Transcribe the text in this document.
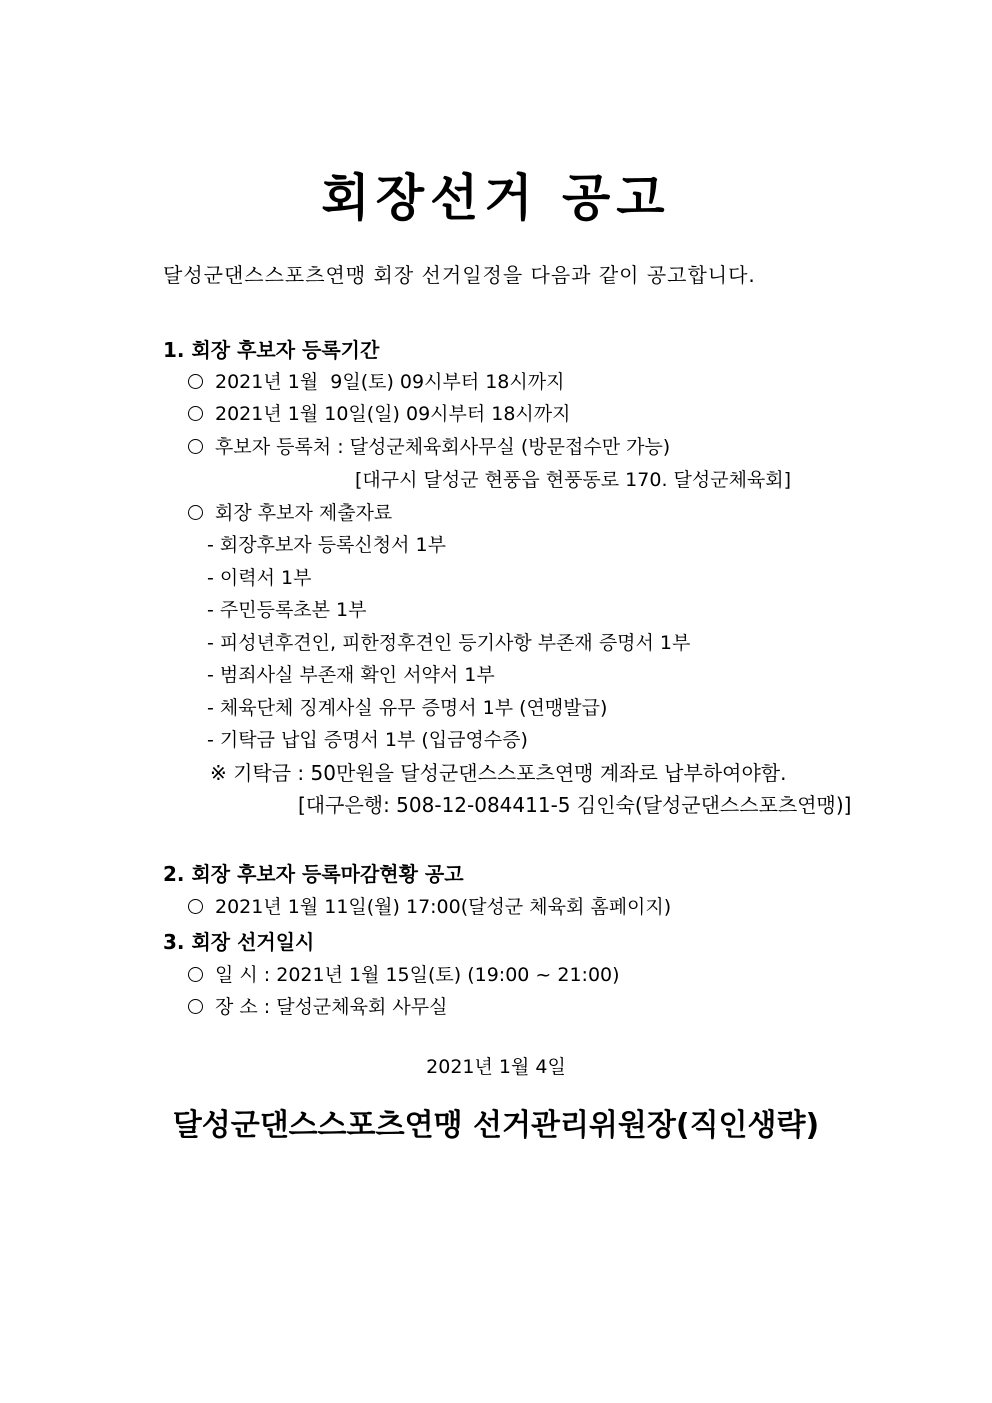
회장선거 공고
달성군댄스스포츠연맹 회장 선거일정을 다음과 같이 공고합니다.
1. 회장 후보자 등록기간
2021년 1월  9일(토) 09시부터 18시까지
2021년 1월 10일(일) 09시부터 18시까지
후보자 등록처 : 달성군체육회사무실 (방문접수만 가능)
[대구시 달성군 현풍읍 현풍동로 170. 달성군체육회]
회장 후보자 제출자료
- 회장후보자 등록신청서 1부
- 이력서 1부
- 주민등록초본 1부
- 피성년후견인, 피한정후견인 등기사항 부존재 증명서 1부
- 범죄사실 부존재 확인 서약서 1부
- 체육단체 징계사실 유무 증명서 1부 (연맹발급)
- 기탁금 납입 증명서 1부 (입금영수증)
※ 기탁금 : 50만원을 달성군댄스스포츠연맹 계좌로 납부하여야함.
[대구은행: 508-12-084411-5 김인숙(달성군댄스스포츠연맹)]
2. 회장 후보자 등록마감현황 공고
2021년 1월 11일(월) 17:00(달성군 체육회 홈페이지)
3. 회장 선거일시
일 시 : 2021년 1월 15일(토) (19:00 ~ 21:00)
장 소 : 달성군체육회 사무실
2021년 1월 4일
달성군댄스스포츠연맹 선거관리위원장(직인생략)
